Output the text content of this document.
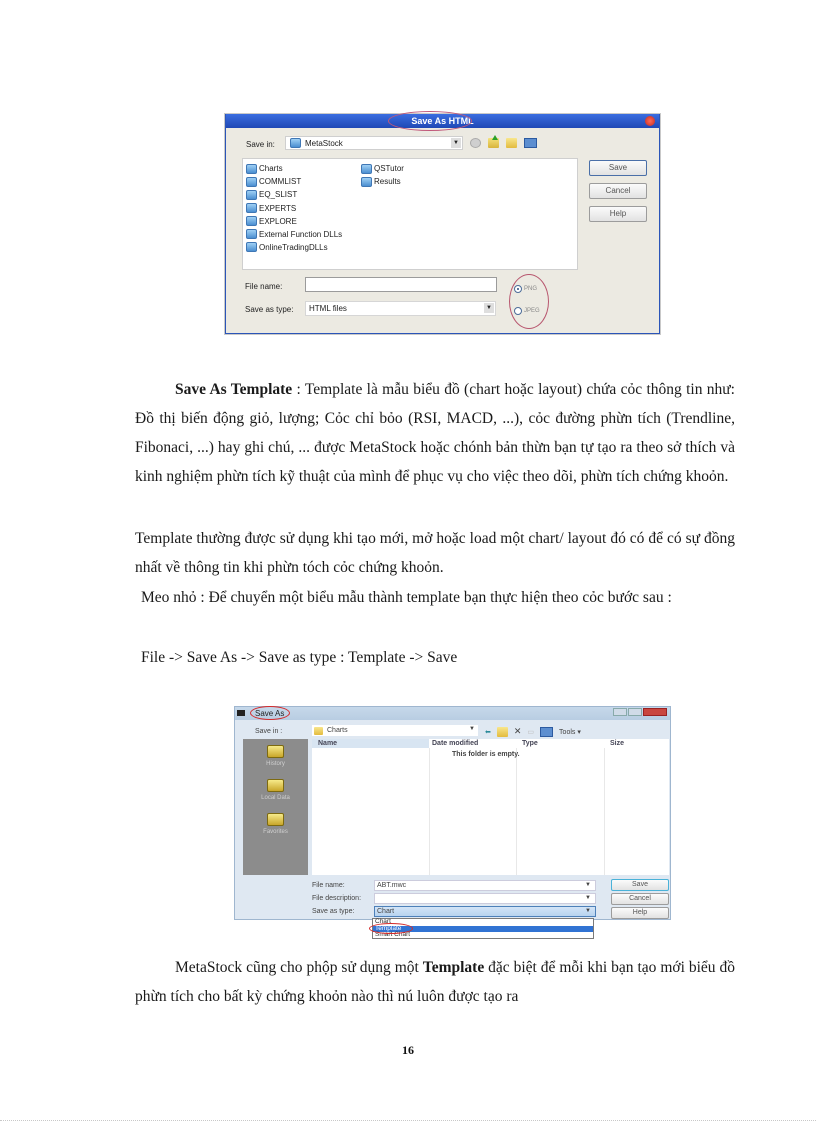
Save As HTML
Save in:	MetaStock	▼
Charts
COMMLIST
EQ_SLIST
EXPERTS
EXPLORE
External Function DLLs
OnlineTradingDLLs
QSTutor
Results
Save
Cancel
Help
File name:
Save as type:	HTML files	▼
PNG
JPEG

Save As Template : Template là mẫu biểu đồ (chart hoặc layout) chứa cỏc thông tin như: Đồ thị biến động giỏ, lượng; Cỏc chỉ bỏo (RSI, MACD, ...), cỏc đường phừn tích (Trendline, Fibonaci, ...) hay ghi chú, ... được MetaStock hoặc chónh bản thừn bạn tự tạo ra theo sở thích và kinh nghiệm phừn tích kỹ thuật của mình để phục vụ cho việc theo dõi, phừn tích chứng khoỏn.

Template thường được sử dụng khi tạo mới, mở hoặc load một chart/ layout đó có để có sự đồng nhất về thông tin khi phừn tóch cỏc chứng khoỏn.

Meo nhỏ : Để chuyển một biểu mẫu thành template bạn thực hiện theo cỏc bước sau :

File -> Save As -> Save as type : Template -> Save

Save As
Save in :	Charts	▼ ⬅	✕ ▭	Tools ▾
History
Local Data
Favorites
Name	Date modified	Type	Size
This folder is empty.
File name:	ABT.mwc	▼
File description:	▼
Save as type:	Chart	▼
Save
Cancel
Help
Chart
Template
Smart Chart

MetaStock cũng cho phộp sử dụng một Template đặc biệt để mỗi khi bạn tạo mới biểu đồ phừn tích cho bất kỳ chứng khoỏn nào thì nú luôn được tạo ra

16
